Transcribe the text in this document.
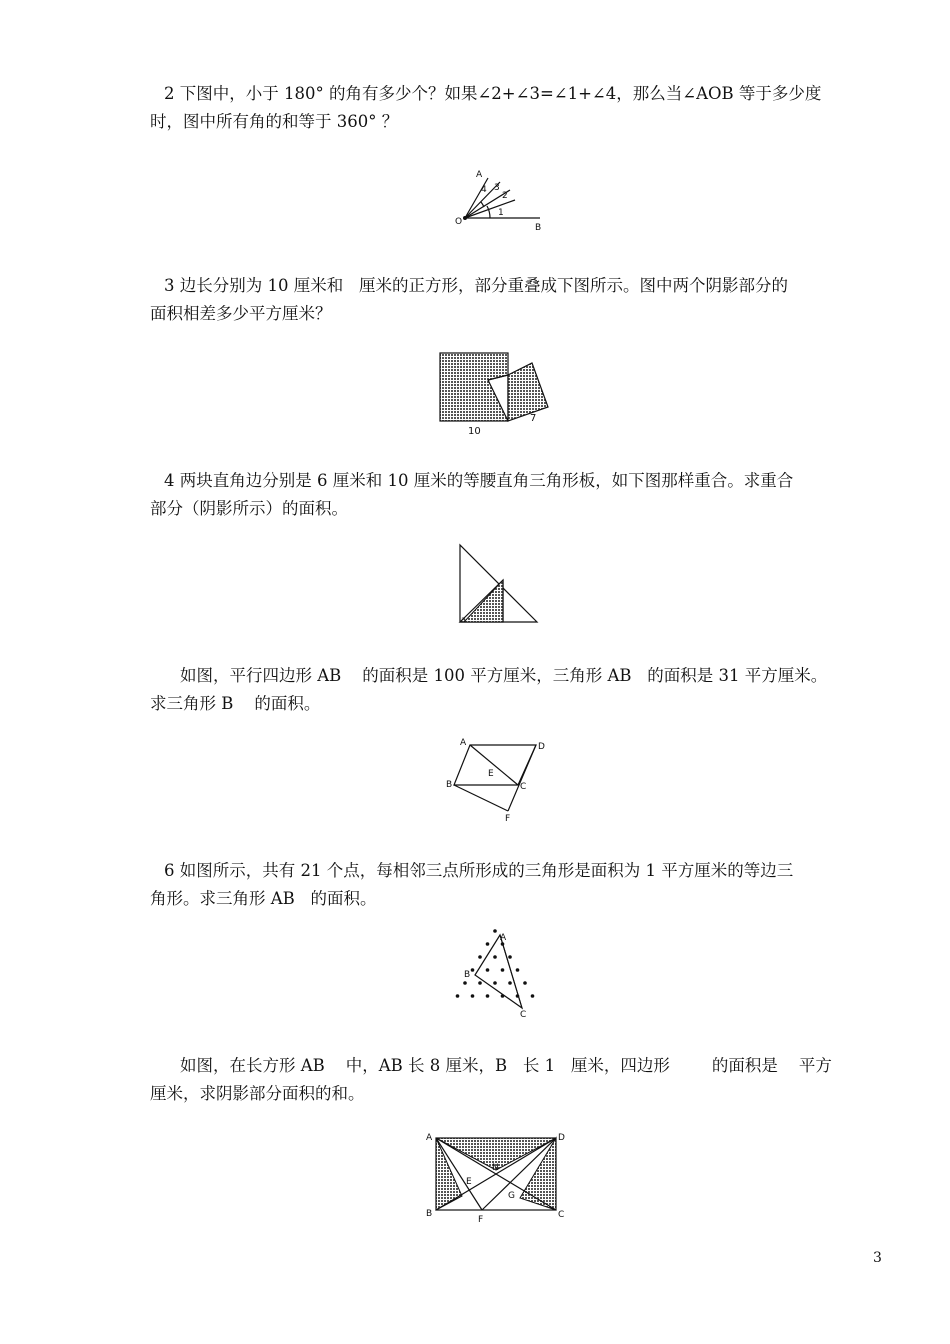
2 下图中，小于 180° 的角有多少个？如果∠2+∠3=∠1+∠4，那么当∠AOB 等于多少度
时，图中所有角的和等于 360° ？
A
O
B
1
2
3
4
3 边长分别为 10 厘米和   厘米的正方形，部分重叠成下图所示。图中两个阴影部分的
面积相差多少平方厘米？
10
7
4 两块直角边分别是 6 厘米和 10 厘米的等腰直角三角形板，如下图那样重合。求重合
部分（阴影所示）的面积。
a
如图，平行四边形 AB    的面积是 100 平方厘米，三角形 AB   的面积是 31 平方厘米。
求三角形 B    的面积。
A	D
B	C
E
F
6 如图所示，共有 21 个点，每相邻三点所形成的三角形是面积为 1 平方厘米的等边三
角形。求三角形 AB   的面积。
A
B
C
如图，在长方形 AB    中，AB 长 8 厘米，B   长 1   厘米，四边形        的面积是    平方
厘米，求阴影部分面积的和。
A	D
B	C
E
G
N
F
3
